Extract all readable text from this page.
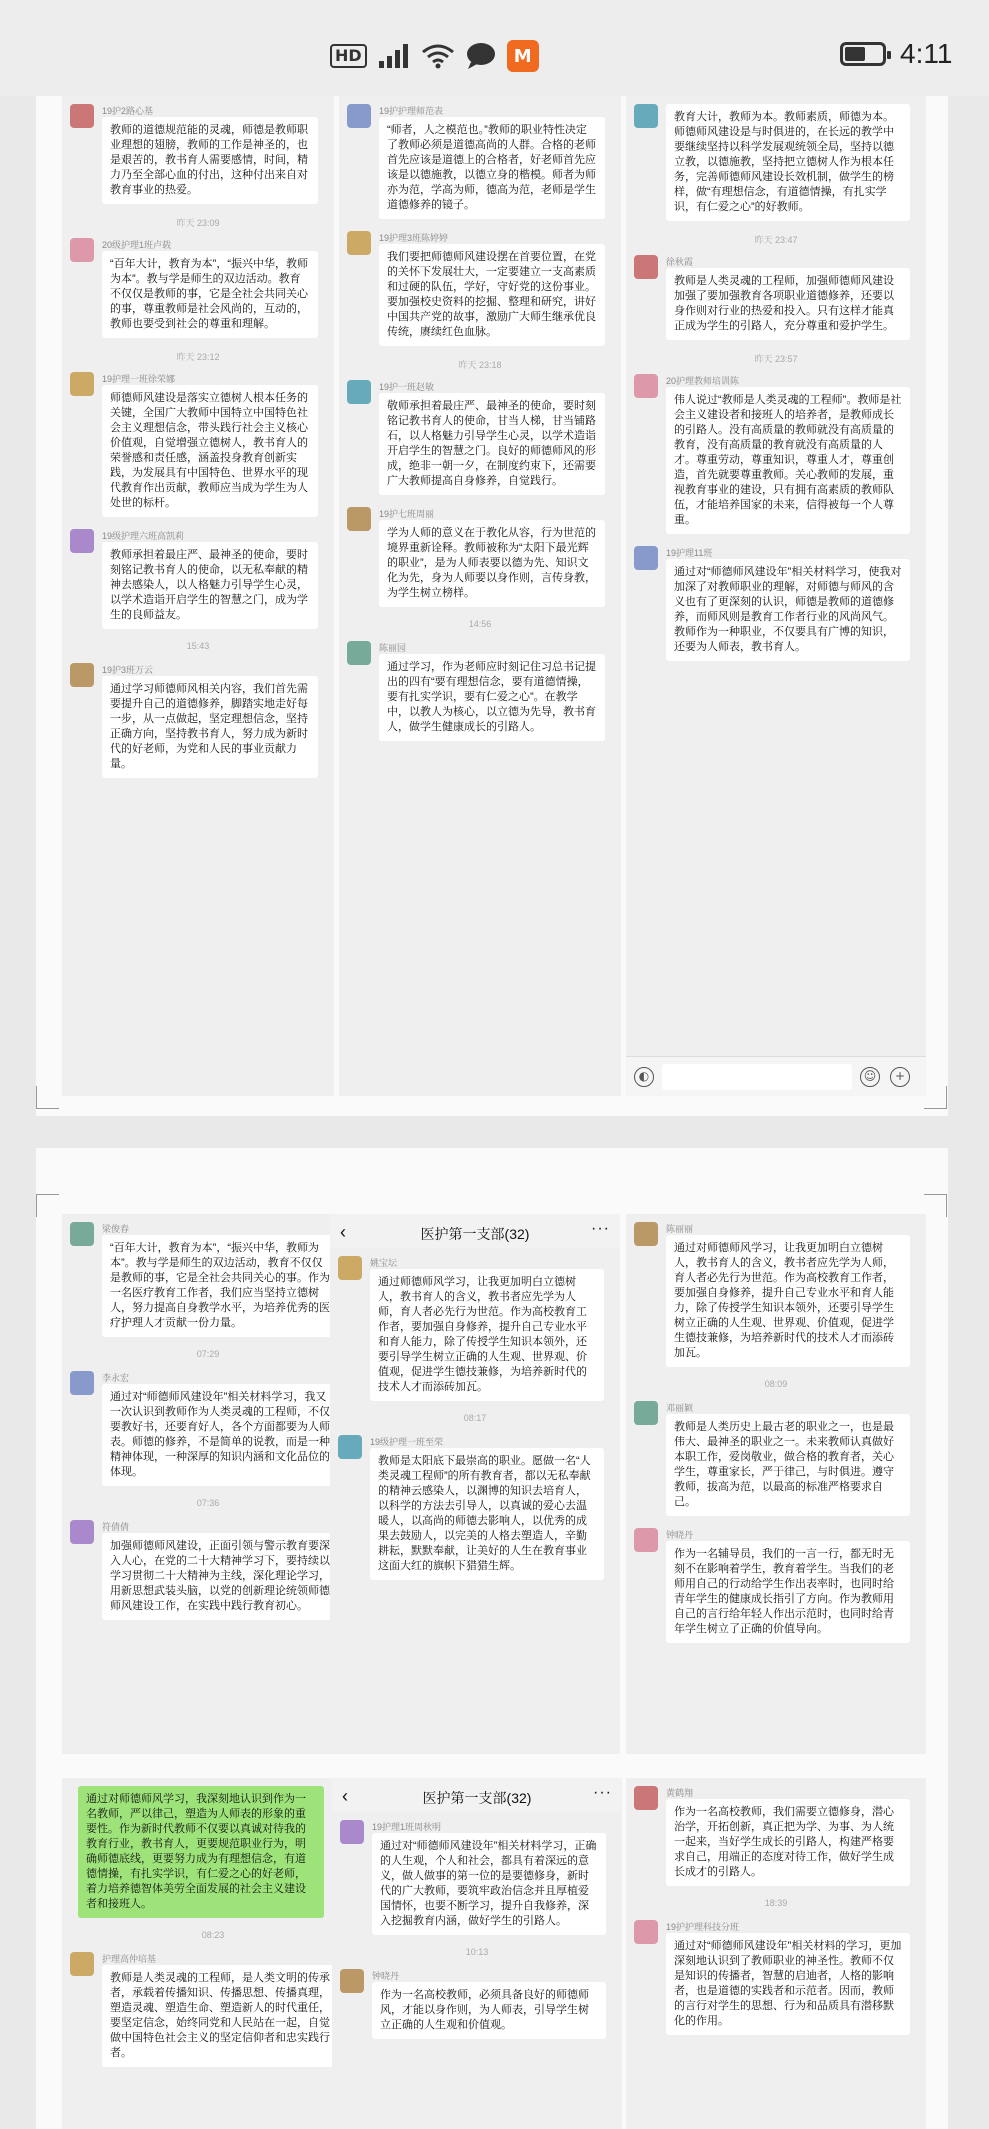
HD	M	4:11
19护2路心基
教师的道德规范能的灵魂，师德是教师职业理想的翅膀，教师的工作是神圣的，也是艰苦的，教书育人需要感情，时间，精力乃至全部心血的付出，这种付出来自对教育事业的热爱。
昨天 23:09
20级护理1班卢载
“百年大计，教育为本”，“振兴中华，教师为本”。教与学是师生的双边活动。教育不仅仅是教师的事，它是全社会共同关心的事，尊重教师是社会风尚的，互动的，教师也要受到社会的尊重和理解。
昨天 23:12
19护理一班徐荣娜
师德师风建设是落实立德树人根本任务的关键，全国广大教师中国特立中国特色社会主义理想信念，带头践行社会主义核心价值观，自觉增强立德树人，教书育人的荣誉感和责任感，涵盖投身教育创新实践，为发展具有中国特色、世界水平的现代教育作出贡献，教师应当成为学生为人处世的标杆。
19级护理六班高凯莉
教师承担着最庄严、最神圣的使命，要时刻铭记教书育人的使命，以无私奉献的精神去感染人，以人格魅力引导学生心灵，以学术造诣开启学生的智慧之门，成为学生的良师益友。
15:43
19护3班万云
通过学习师德师风相关内容，我们首先需要提升自己的道德修养，脚踏实地走好每一步，从一点做起，坚定理想信念，坚持正确方向，坚持教书育人，努力成为新时代的好老师，为党和人民的事业贡献力量。
19护护理师范表
“师者，人之模范也。”教师的职业特性决定了教师必须是道德高尚的人群。合格的老师首先应该是道德上的合格者，好老师首先应该是以德施教，以德立身的楷模。师者为师亦为范，学高为师，德高为范，老师是学生道德修养的镜子。
19护理3班陈婷婷
我们要把师德师风建设摆在首要位置，在党的关怀下发展壮大，一定要建立一支高素质和过硬的队伍，学好，守好党的这份事业。要加强校史资料的挖掘、整理和研究，讲好中国共产党的故事，激励广大师生继承优良传统，赓续红色血脉。
昨天 23:18
19护一班赵敏
敬师承担着最庄严、最神圣的使命，要时刻铭记教书育人的使命，甘当人梯，甘当铺路石，以人格魅力引导学生心灵，以学术造诣开启学生的智慧之门。良好的师德师风的形成，绝非一朝一夕，在制度约束下，还需要广大教师提高自身修养，自觉践行。
19护七班周丽
学为人师的意义在于教化从容，行为世范的境界重新诠释。教师被称为“太阳下最光辉的职业”，是为人师表要以德为先、知识文化为先，身为人师要以身作则，言传身教，为学生树立榜样。
14:56
陈丽园
通过学习，作为老师应时刻记住习总书记提出的四有“要有理想信念，要有道德情操，要有扎实学识，要有仁爱之心”。在教学中，以教人为核心，以立德为先导，教书育人，做学生健康成长的引路人。
教育大计，教师为本。教师素质，师德为本。师德师风建设是与时俱进的，在长远的教学中要继续坚持以科学发展观统领全局，坚持以德立教，以德施教，坚持把立德树人作为根本任务，完善师德师风建设长效机制，做学生的榜样，做“有理想信念，有道德情操，有扎实学识，有仁爱之心”的好教师。
昨天 23:47
徐秋霞
教师是人类灵魂的工程师，加强师德师风建设加强了要加强教育各项职业道德修养，还要以身作则对行业的热爱和投入。只有这样才能真正成为学生的引路人，充分尊重和爱护学生。
昨天 23:57
20护理教师培训陈
伟人说过“教师是人类灵魂的工程师”。教师是社会主义建设者和接班人的培养者，是教师成长的引路人。没有高质量的教师就没有高质量的教育，没有高质量的教育就没有高质量的人才。尊重劳动，尊重知识，尊重人才，尊重创造，首先就要尊重教师。关心教师的发展，重视教育事业的建设，只有拥有高素质的教师队伍，才能培养国家的未来，信得被每一个人尊重。
19护理11班
通过对“师德师风建设年”相关材料学习，使我对加深了对教师职业的理解，对师德与师风的含义也有了更深刻的认识，师德是教师的道德修养，而师风则是教育工作者行业的风尚风气。教师作为一种职业，不仅要具有广博的知识，还要为人师表，教书育人。
◐	☺	+
梁俊春
“百年大计，教育为本”，“振兴中华，教师为本”。教与学是师生的双边活动，教育不仅仅是教师的事，它是全社会共同关心的事。作为一名医疗教育工作者，我们应当坚持立德树人，努力提高自身教学水平，为培养优秀的医疗护理人才贡献一份力量。
07:29
李永宏
通过对“师德师风建设年”相关材料学习，我又一次认识到教师作为人类灵魂的工程师，不仅要教好书，还要育好人，各个方面都要为人师表。师德的修养，不是简单的说教，而是一种精神体现，一种深厚的知识内涵和文化品位的体现。
07:36
符倩倩
加强师德师风建设，正面引领与警示教育要深入人心，在党的二十大精神学习下，要持续以学习贯彻二十大精神为主线，深化理论学习，用新思想武装头脑，以党的创新理论统领师德师风建设工作，在实践中践行教育初心。
‹	医护第一支部(32)	···
姚宝坛
通过师德师风学习，让我更加明白立德树人，教书育人的含义，教书者应先学为人师，育人者必先行为世范。作为高校教育工作者，要加强自身修养，提升自己专业水平和育人能力，除了传授学生知识本领外，还要引导学生树立正确的人生观、世界观、价值观，促进学生德技兼修，为培养新时代的技术人才而添砖加瓦。
08:17
19级护理一班至荣
教师是太阳底下最崇高的职业。愿做一名“人类灵魂工程师”的所有教育者，都以无私奉献的精神云感染人，以渊博的知识去培育人，以科学的方法去引导人，以真诚的爱心去温暖人，以高尚的师德去影响人，以优秀的成果去鼓励人，以完美的人格去塑造人，辛勤耕耘，默默奉献，让美好的人生在教育事业这面大红的旗帜下猎猎生辉。
陈丽丽
通过对师德师风学习，让我更加明白立德树人，教书育人的含义，教书者应先学为人师，育人者必先行为世范。作为高校教育工作者，要加强自身修养，提升自己专业水平和育人能力，除了传授学生知识本领外，还要引导学生树立正确的人生观、世界观、价值观，促进学生德技兼修，为培养新时代的技术人才而添砖加瓦。
08:09
邓丽颖
教师是人类历史上最古老的职业之一，也是最伟大、最神圣的职业之一。未来教师认真做好本职工作，爱岗敬业，做合格的教育者，关心学生，尊重家长，严于律己，与时俱进。遵守教师，拔高为范，以最高的标准严格要求自己。
钟晓丹
作为一名辅导员，我们的一言一行，都无时无刻不在影响着学生，教育着学生。当我们的老师用自己的行动给学生作出表率时，也同时给青年学生的健康成长指引了方向。作为教师用自己的言行给年轻人作出示范时，也同时给青年学生树立了正确的价值导向。
通过对师德师风学习，我深刻地认识到作为一名教师，严以律己，塑造为人师表的形象的重要性。作为新时代教师不仅要以真诚对待我的教育行业，教书育人，更要规范职业行为，明确师德底线，更要努力成为有理想信念，有道德情操，有扎实学识，有仁爱之心的好老师，着力培养德智体美劳全面发展的社会主义建设者和接班人。
08:23
护理高仲培基
教师是人类灵魂的工程师，是人类文明的传承者，承载着传播知识、传播思想、传播真理，塑造灵魂、塑造生命、塑造新人的时代重任，要坚定信念，始终同党和人民站在一起，自觉做中国特色社会主义的坚定信仰者和忠实践行者。
‹	医护第一支部(32)	···
19护理1班周秋明
通过对“师德师风建设年”相关材料学习，正确的人生观，个人和社会，都具有着深远的意义，做人做事的第一位的是要德修身，新时代的广大教师，要筑牢政治信念并且厚植爱国情怀，也要不断学习，提升自我修养，深入挖掘教育内涵，做好学生的引路人。
10:13
钟晓丹
作为一名高校教师，必须具备良好的师德师风，才能以身作则，为人师表，引导学生树立正确的人生观和价值观。
黄鹤翔
作为一名高校教师，我们需要立德修身，潜心治学，开拓创新，真正把为学、为事、为人统一起来，当好学生成长的引路人，构建严格要求自己，用端正的态度对待工作，做好学生成长成才的引路人。
18:39
19护护理科技分班
通过对“师德师风建设年”相关材料的学习，更加深刻地认识到了教师职业的神圣性。教师不仅是知识的传播者，智慧的启迪者，人格的影响者，也是道德的实践者和示范者。因而，教师的言行对学生的思想、行为和品质具有潜移默化的作用。
